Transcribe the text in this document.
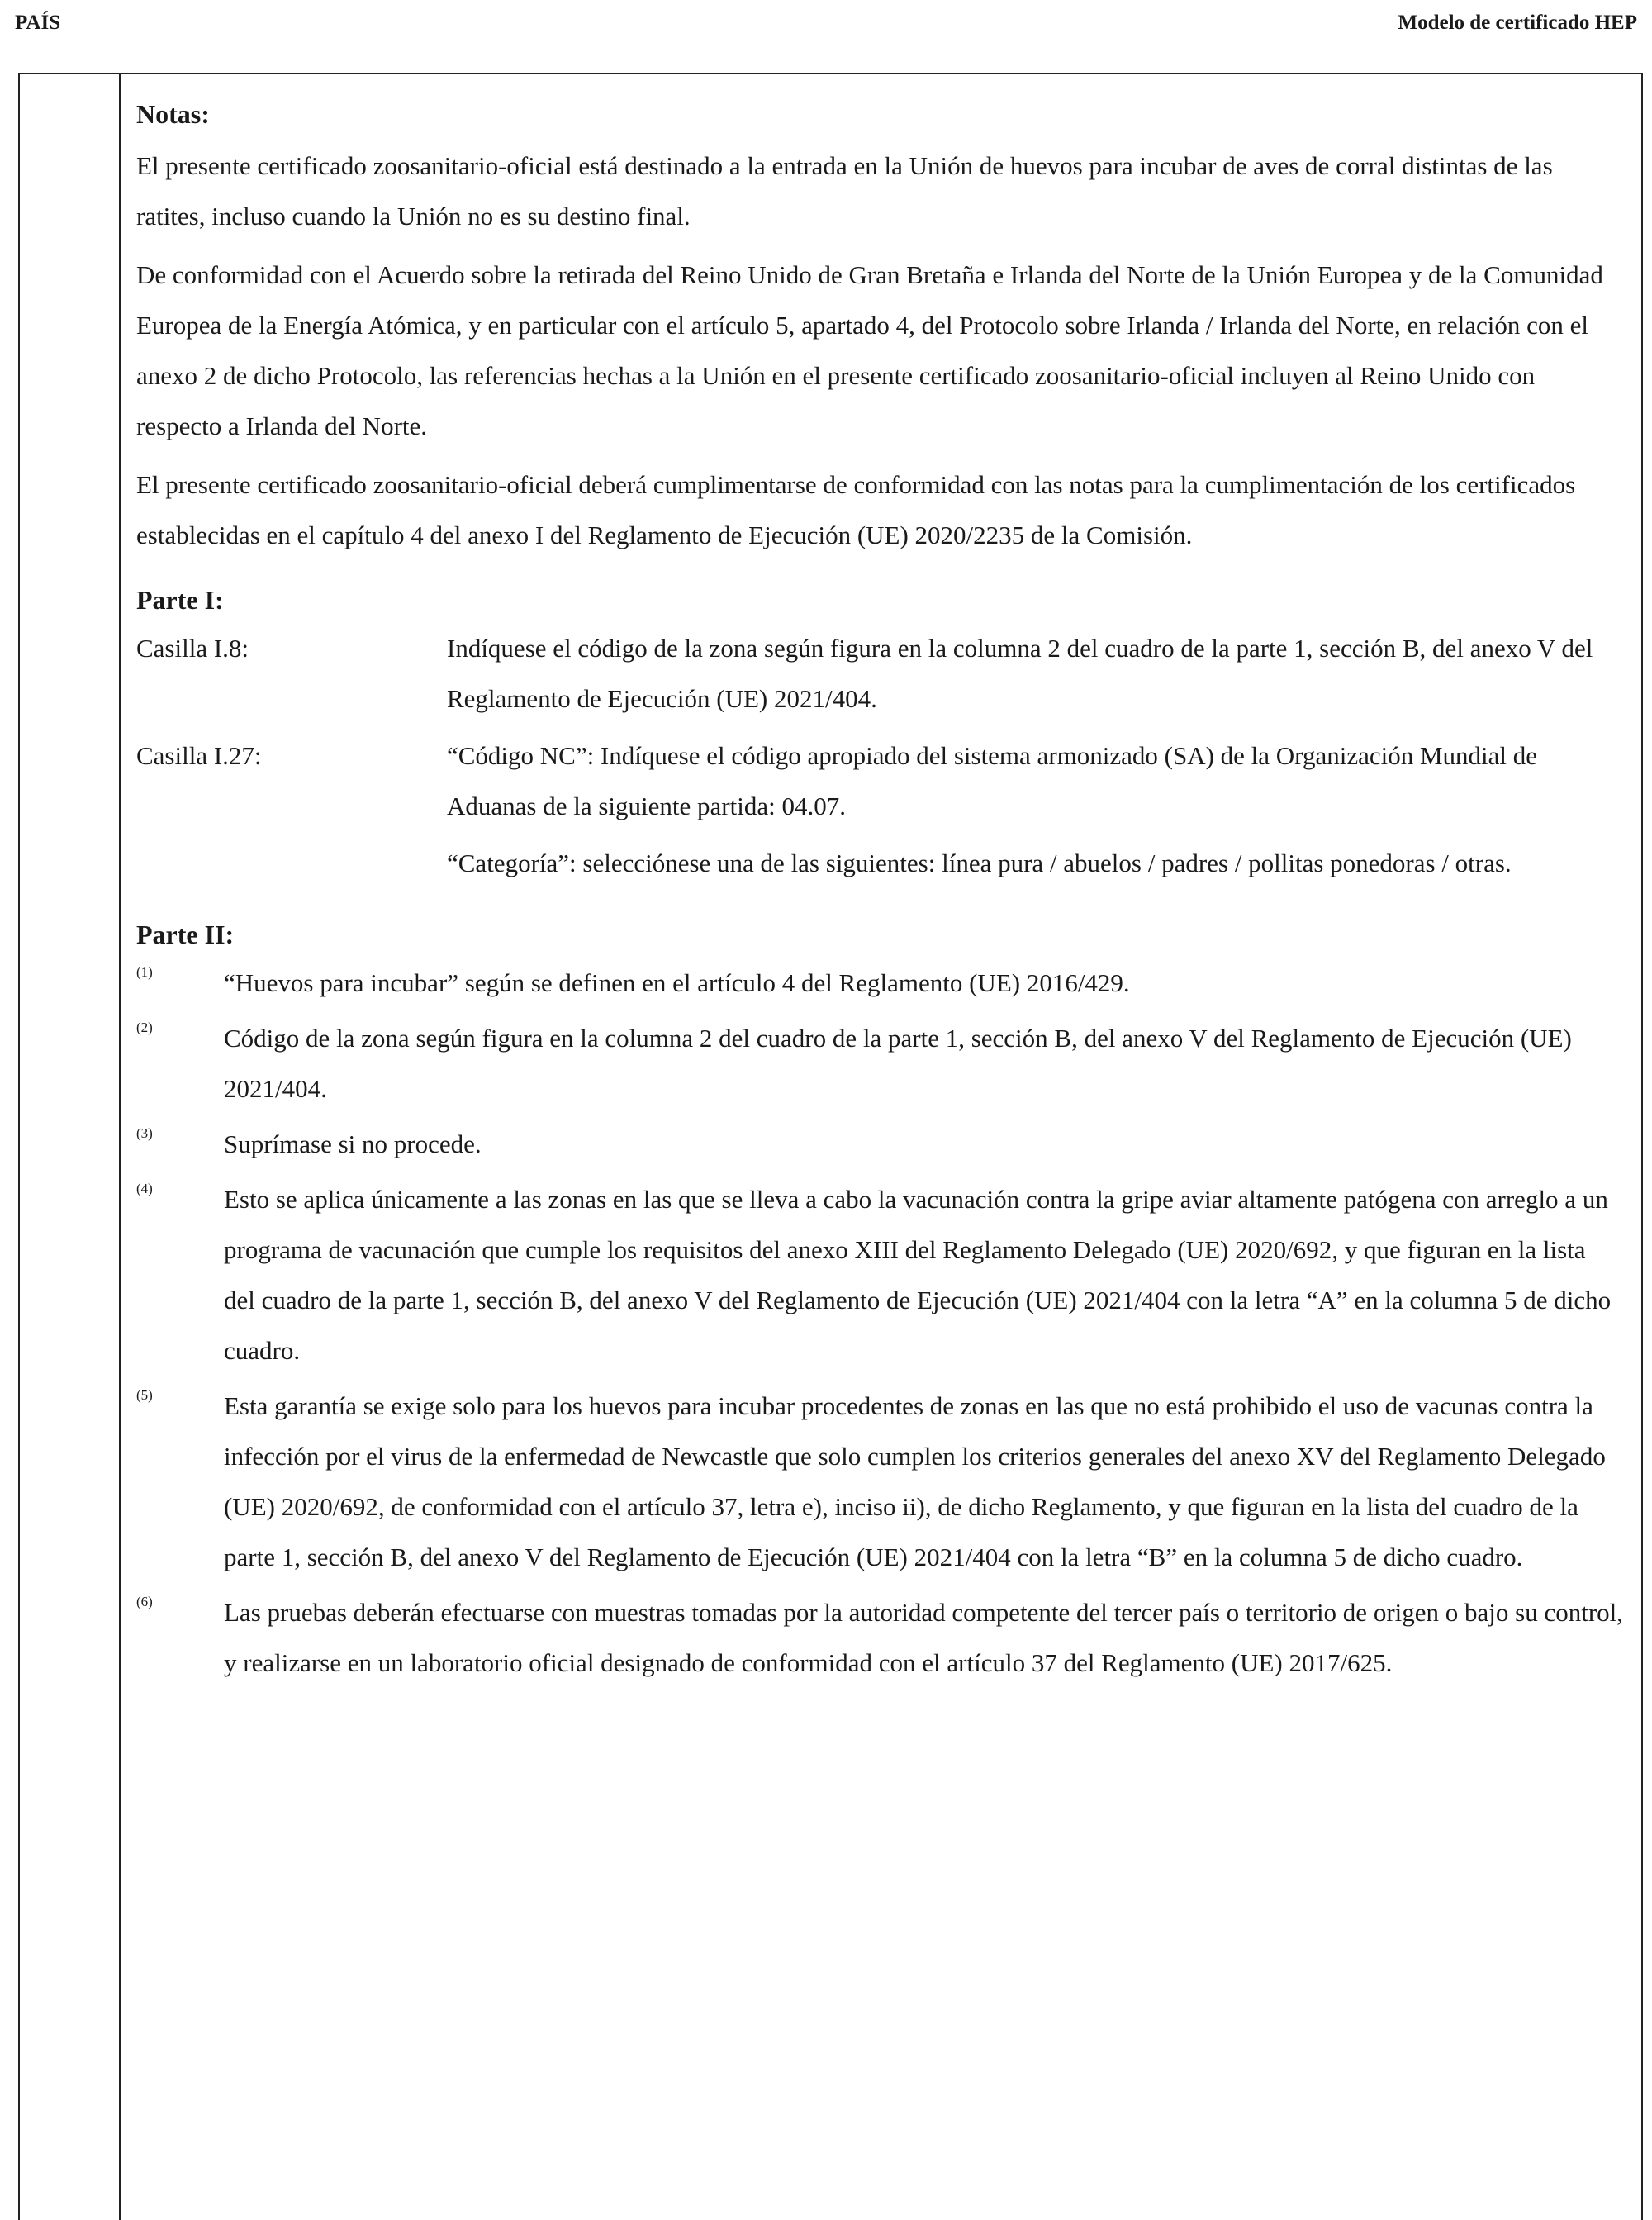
PAÍS	Modelo de certificado HEP
Notas:
El presente certificado zoosanitario-oficial está destinado a la entrada en la Unión de huevos para incubar de aves de corral distintas de las ratites, incluso cuando la Unión no es su destino final.
De conformidad con el Acuerdo sobre la retirada del Reino Unido de Gran Bretaña e Irlanda del Norte de la Unión Europea y de la Comunidad Europea de la Energía Atómica, y en particular con el artículo 5, apartado 4, del Protocolo sobre Irlanda / Irlanda del Norte, en relación con el anexo 2 de dicho Protocolo, las referencias hechas a la Unión en el presente certificado zoosanitario-oficial incluyen al Reino Unido con respecto a Irlanda del Norte.
El presente certificado zoosanitario-oficial deberá cumplimentarse de conformidad con las notas para la cumplimentación de los certificados establecidas en el capítulo 4 del anexo I del Reglamento de Ejecución (UE) 2020/2235 de la Comisión.
Parte I:
Casilla I.8:	Indíquese el código de la zona según figura en la columna 2 del cuadro de la parte 1, sección B, del anexo V del Reglamento de Ejecución (UE) 2021/404.
Casilla I.27:	“Código NC”: Indíquese el código apropiado del sistema armonizado (SA) de la Organización Mundial de Aduanas de la siguiente partida: 04.07.
“Categoría”: selecciónese una de las siguientes: línea pura / abuelos / padres / pollitas ponedoras / otras.
Parte II:
(1)	“Huevos para incubar” según se definen en el artículo 4 del Reglamento (UE) 2016/429.
(2)	Código de la zona según figura en la columna 2 del cuadro de la parte 1, sección B, del anexo V del Reglamento de Ejecución (UE) 2021/404.
(3)	Suprímase si no procede.
(4)	Esto se aplica únicamente a las zonas en las que se lleva a cabo la vacunación contra la gripe aviar altamente patógena con arreglo a un programa de vacunación que cumple los requisitos del anexo XIII del Reglamento Delegado (UE) 2020/692, y que figuran en la lista del cuadro de la parte 1, sección B, del anexo V del Reglamento de Ejecución (UE) 2021/404 con la letra “A” en la columna 5 de dicho cuadro.
(5)	Esta garantía se exige solo para los huevos para incubar procedentes de zonas en las que no está prohibido el uso de vacunas contra la infección por el virus de la enfermedad de Newcastle que solo cumplen los criterios generales del anexo XV del Reglamento Delegado (UE) 2020/692, de conformidad con el artículo 37, letra e), inciso ii), de dicho Reglamento, y que figuran en la lista del cuadro de la parte 1, sección B, del anexo V del Reglamento de Ejecución (UE) 2021/404 con la letra “B” en la columna 5 de dicho cuadro.
(6)	Las pruebas deberán efectuarse con muestras tomadas por la autoridad competente del tercer país o territorio de origen o bajo su control, y realizarse en un laboratorio oficial designado de conformidad con el artículo 37 del Reglamento (UE) 2017/625.
